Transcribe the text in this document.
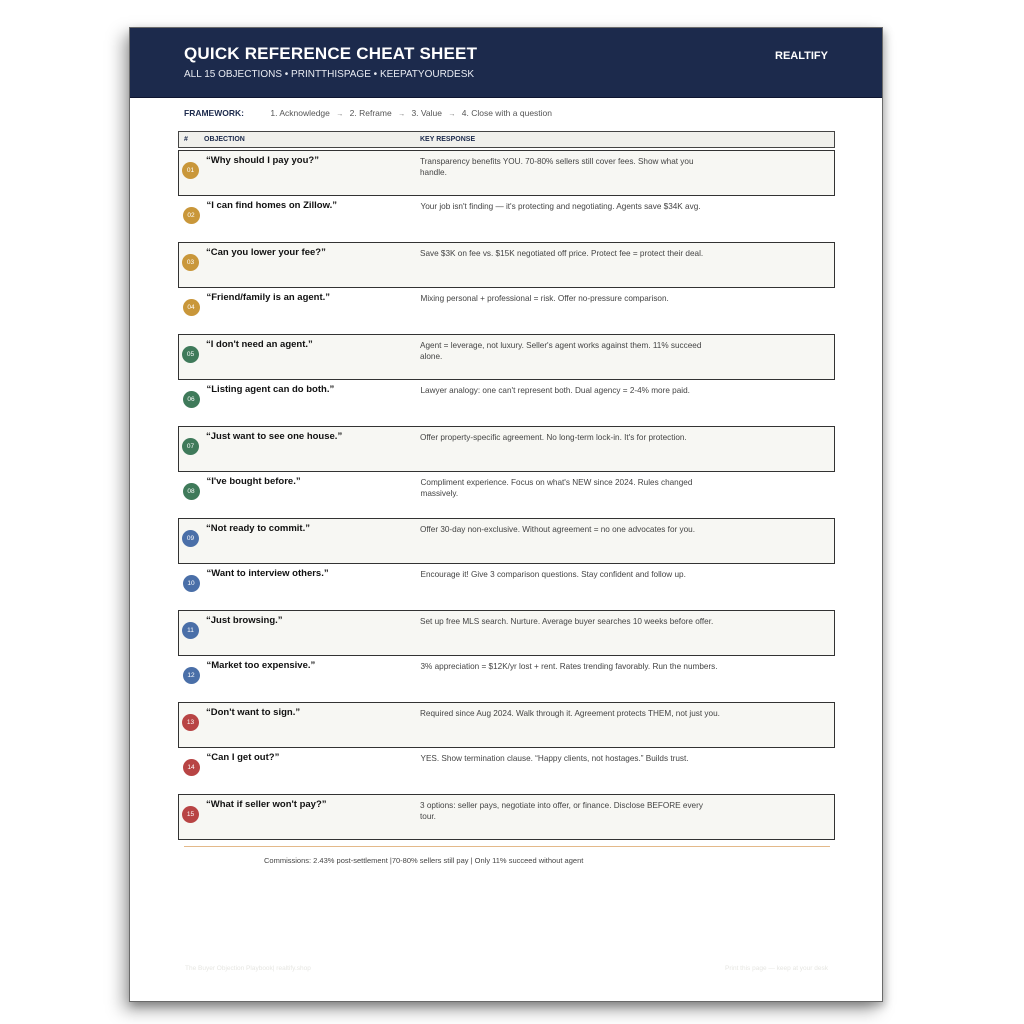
QUICK REFERENCE CHEAT SHEET
ALL 15 OBJECTIONS • PRINTTHISPAGE • KEEPATYOURDESK
REALTIFY
FRAMEWORK:	1. Acknowledge → 2. Reframe → 3. Value → 4. Close with a question
# OBJECTION	KEY RESPONSE
01
“Why should I pay you?”	Transparency benefits YOU. 70-80% sellers still cover fees. Show what you handle.
02
“I can find homes on Zillow.”	Your job isn't finding — it's protecting and negotiating. Agents save $34K avg.
03
“Can you lower your fee?”	Save $3K on fee vs. $15K negotiated off price. Protect fee = protect their deal.
04
“Friend/family is an agent.”	Mixing personal + professional = risk. Offer no-pressure comparison.
05
“I don't need an agent.”	Agent = leverage, not luxury. Seller's agent works against them. 11% succeed alone.
06
“Listing agent can do both.”	Lawyer analogy: one can't represent both. Dual agency = 2-4% more paid.
07
“Just want to see one house.”	Offer property-specific agreement. No long-term lock-in. It's for protection.
08
“I've bought before.”	Compliment experience. Focus on what's NEW since 2024. Rules changed massively.
09
“Not ready to commit.”	Offer 30-day non-exclusive. Without agreement = no one advocates for you.
10
“Want to interview others.”	Encourage it! Give 3 comparison questions. Stay confident and follow up.
11
“Just browsing.”	Set up free MLS search. Nurture. Average buyer searches 10 weeks before offer.
12
“Market too expensive.”	3% appreciation = $12K/yr lost + rent. Rates trending favorably. Run the numbers.
13
“Don't want to sign.”	Required since Aug 2024. Walk through it. Agreement protects THEM, not just you.
14
“Can I get out?”	YES. Show termination clause. “Happy clients, not hostages.” Builds trust.
15
“What if seller won't pay?”	3 options: seller pays, negotiate into offer, or finance. Disclose BEFORE every tour.
Commissions: 2.43% post-settlement |70-80% sellers still pay | Only 11% succeed without agent
The Buyer Objection Playbook| realtify.shop	Print this page — keep at your desk
